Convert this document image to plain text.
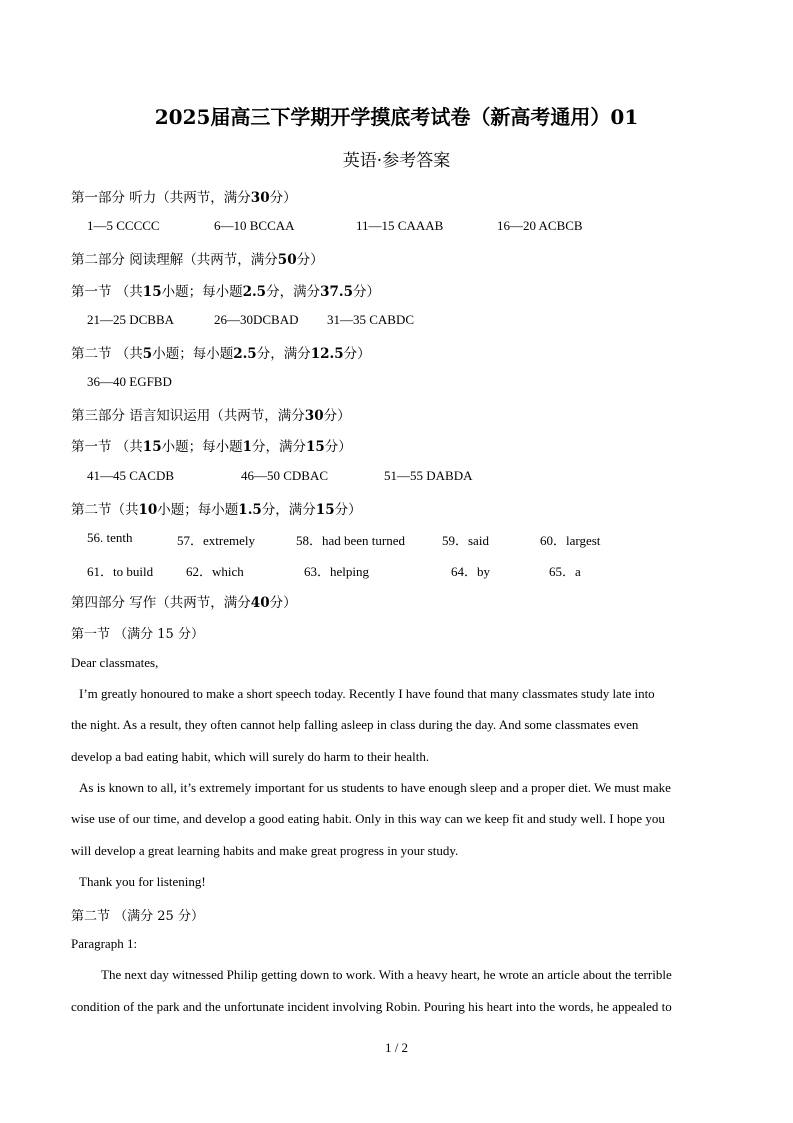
2025届高三下学期开学摸底考试卷（新高考通用）01
英语·参考答案
第一部分 听力（共两节，满分30分）
1—5 CCCCC	6—10 BCCAA	11—15 CAAAB	16—20 ACBCB
第二部分 阅读理解（共两节，满分50分）
第一节 （共15小题；每小题2.5分，满分37.5分）
21—25 DCBBA	26—30DCBAD 31—35 CABDC
第二节 （共5小题；每小题2.5分，满分12.5分）
36—40 EGFBD
第三部分 语言知识运用（共两节，满分30分）
第一节 （共15小题；每小题1分，满分15分）
41—45 CACDB	46—50 CDBAC	51—55 DABDA
第二节（共10小题；每小题1.5分，满分15分）
56. tenth	57．extremely	58．had been turned	59．said	60．largest
61．to build	62．which	63．helping	64．by	65．a
第四部分 写作（共两节，满分40分）
第一节 （满分 15 分）
Dear classmates,
I’m greatly honoured to make a short speech today. Recently I have found that many classmates study late into
the night. As a result, they often cannot help falling asleep in class during the day. And some classmates even
develop a bad eating habit, which will surely do harm to their health.
As is known to all, it’s extremely important for us students to have enough sleep and a proper diet. We must make
wise use of our time, and develop a good eating habit. Only in this way can we keep fit and study well. I hope you
will develop a great learning habits and make great progress in your study.
Thank you for listening!
第二节 （满分 25 分）
Paragraph 1:
The next day witnessed Philip getting down to work. With a heavy heart, he wrote an article about the terrible
condition of the park and the unfortunate incident involving Robin. Pouring his heart into the words, he appealed to
1 / 2
